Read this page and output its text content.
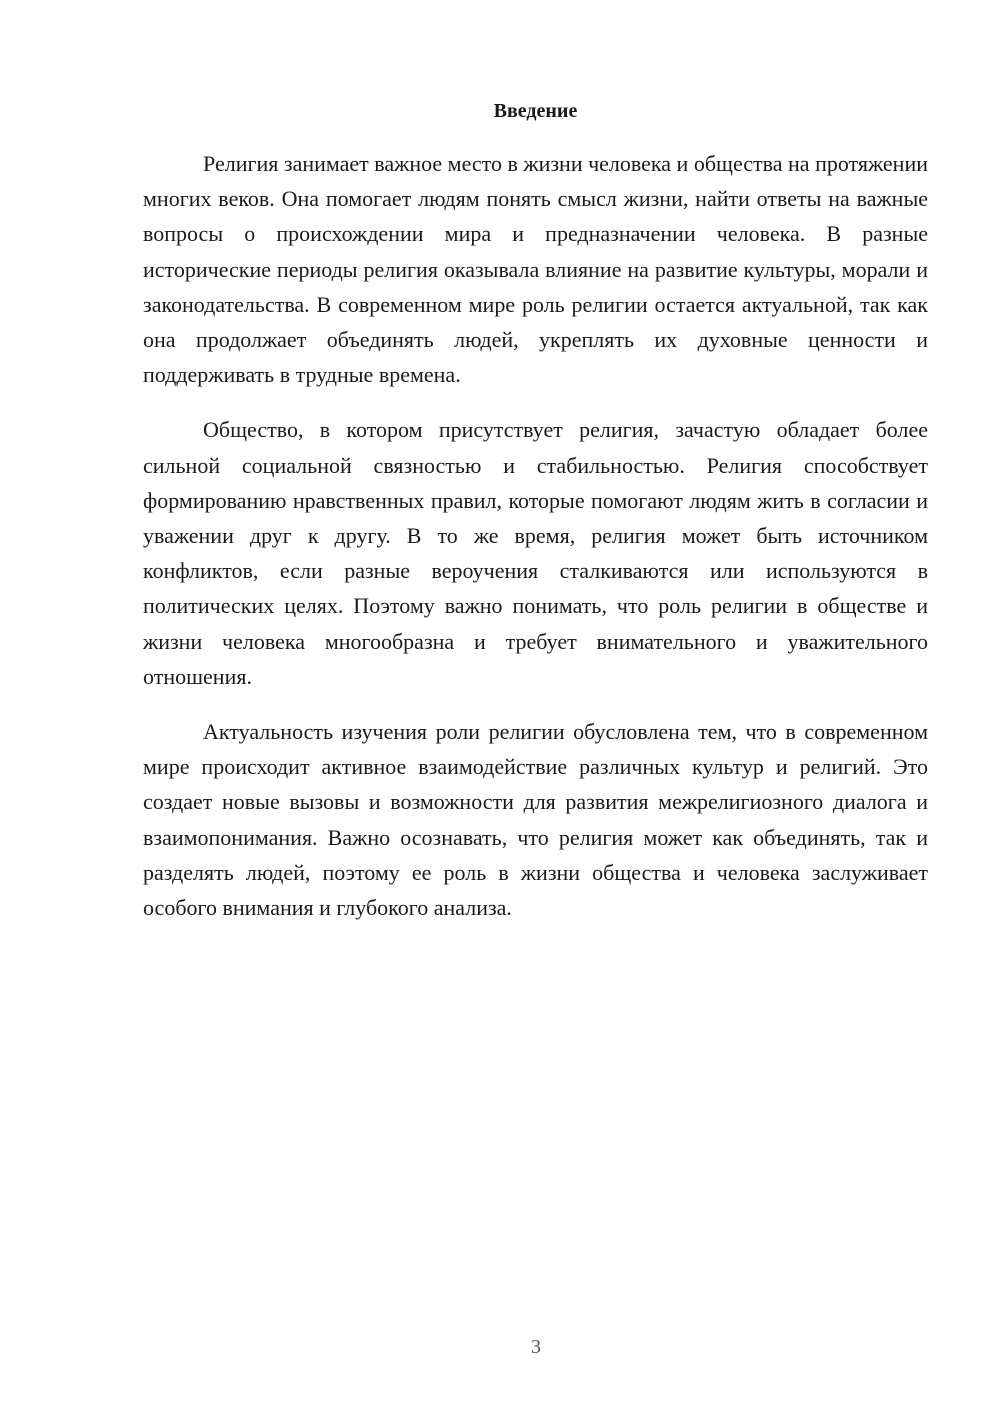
Введение

Религия занимает важное место в жизни человека и общества на протяжении многих веков. Она помогает людям понять смысл жизни, найти ответы на важные вопросы о происхождении мира и предназначении человека. В разные исторические периоды религия оказывала влияние на развитие культуры, морали и законодательства. В современном мире роль религии остается актуальной, так как она продолжает объединять людей, укреплять их духовные ценности и поддерживать в трудные времена.

Общество, в котором присутствует религия, зачастую обладает более сильной социальной связностью и стабильностью. Религия способствует формированию нравственных правил, которые помогают людям жить в согласии и уважении друг к другу. В то же время, религия может быть источником конфликтов, если разные вероучения сталкиваются или используются в политических целях. Поэтому важно понимать, что роль религии в обществе и жизни человека многообразна и требует внимательного и уважительного отношения.

Актуальность изучения роли религии обусловлена тем, что в современном мире происходит активное взаимодействие различных культур и религий. Это создает новые вызовы и возможности для развития межрелигиозного диалога и взаимопонимания. Важно осознавать, что религия может как объединять, так и разделять людей, поэтому ее роль в жизни общества и человека заслуживает особого внимания и глубокого анализа.

3
